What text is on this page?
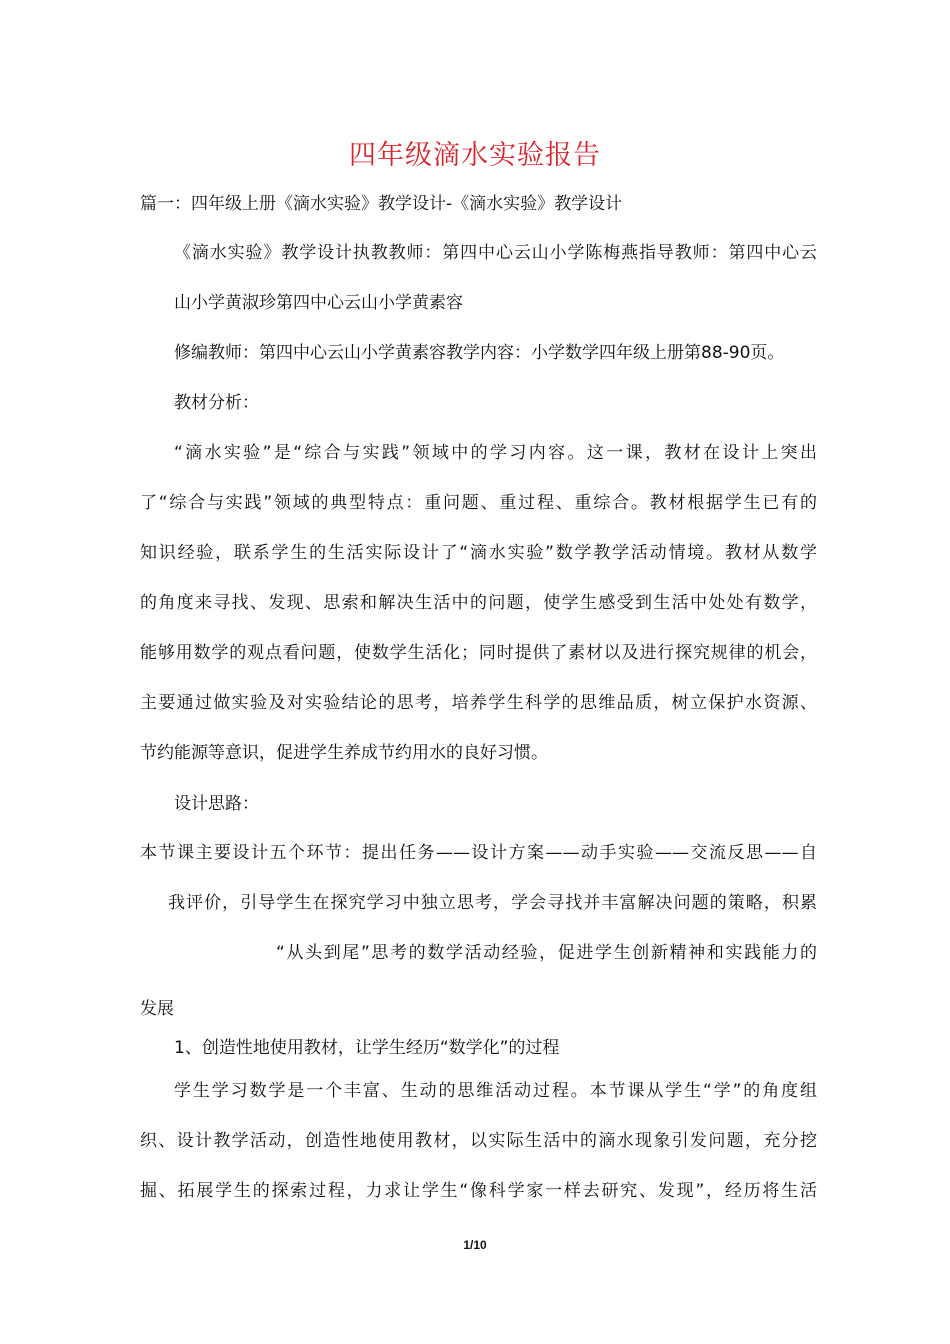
四年级滴水实验报告
篇一：四年级上册《滴水实验》教学设计-《滴水实验》教学设计
《滴水实验》教学设计执教教师：第四中心云山小学陈梅燕指导教师：第四中心云
山小学黄淑珍第四中心云山小学黄素容
修编教师：第四中心云山小学黄素容教学内容：小学数学四年级上册第88-90页。
教材分析：
“滴水实验”是“综合与实践”领域中的学习内容。这一课，教材在设计上突出
了“综合与实践”领域的典型特点：重问题、重过程、重综合。教材根据学生已有的
知识经验，联系学生的生活实际设计了“滴水实验”数学教学活动情境。教材从数学
的角度来寻找、发现、思索和解决生活中的问题，使学生感受到生活中处处有数学，
能够用数学的观点看问题，使数学生活化；同时提供了素材以及进行探究规律的机会，
主要通过做实验及对实验结论的思考，培养学生科学的思维品质，树立保护水资源、
节约能源等意识，促进学生养成节约用水的良好习惯。
设计思路：
本节课主要设计五个环节：提出任务——设计方案——动手实验——交流反思——自
我评价，引导学生在探究学习中独立思考，学会寻找并丰富解决问题的策略，积累
“从头到尾”思考的数学活动经验，促进学生创新精神和实践能力的
发展
1、创造性地使用教材，让学生经历“数学化”的过程
学生学习数学是一个丰富、生动的思维活动过程。本节课从学生“学”的角度组
织、设计教学活动，创造性地使用教材，以实际生活中的滴水现象引发问题，充分挖
掘、拓展学生的探索过程，力求让学生“像科学家一样去研究、发现”，经历将生活
1/10
